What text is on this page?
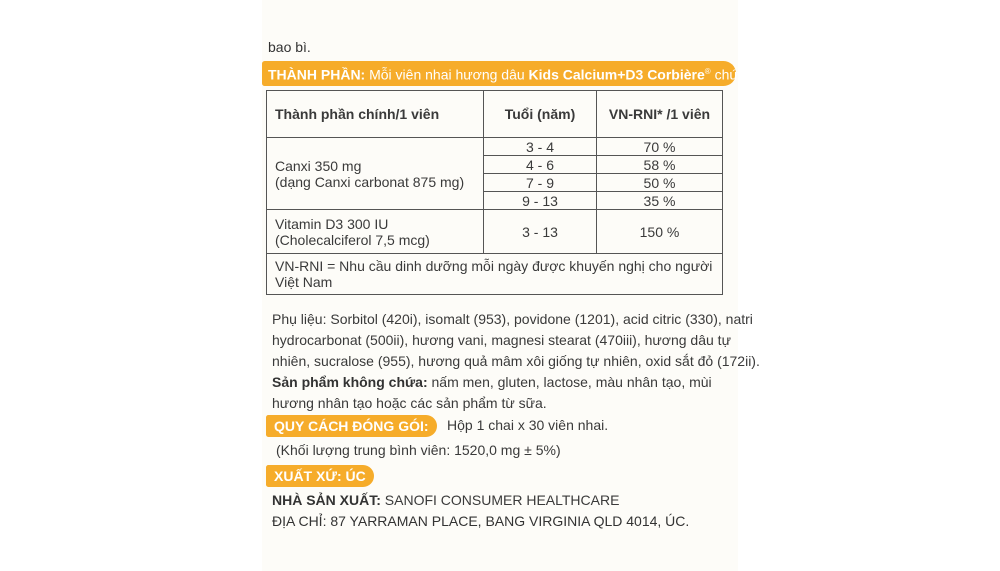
THÀNH PHẦN: Mỗi viên nhai hương dâu Kids Calcium+D3 Corbière® chứa:
Thành phần chính/1 viên	Tuổi (năm)	VN-RNI* /1 viên

Canxi 350 mg
(dạng Canxi carbonat 875 mg)	3 - 4	70 %
	4 - 6	58 %
	7 - 9	50 %
	9 - 13	35 %

Vitamin D3 300 IU
(Cholecalciferol 7,5 mcg)	3 - 13	150 %
VN-RNI = Nhu cầu dinh dưỡng mỗi ngày được khuyến nghị cho người Việt Nam		
Phụ liệu: Sorbitol (420i), isomalt (953), povidone (1201), acid citric (330), natri
hydrocarbonat (500ii), hương vani, magnesi stearat (470iii), hương dâu tự
nhiên, sucralose (955), hương quả mâm xôi giống tự nhiên, oxid sắt đỏ (172ii).
Sản phẩm không chứa: nấm men, gluten, lactose, màu nhân tạo, mùi
hương nhân tạo hoặc các sản phẩm từ sữa.
QUY CÁCH ĐÓNG GÓI:	Hộp 1 chai x 30 viên nhai.
(Khối lượng trung bình viên: 1520,0 mg ± 5%)
XUẤT XỨ: ÚC
NHÀ SẢN XUẤT: SANOFI CONSUMER HEALTHCARE
ĐỊA CHỈ: 87 YARRAMAN PLACE, BANG VIRGINIA QLD 4014, ÚC.
